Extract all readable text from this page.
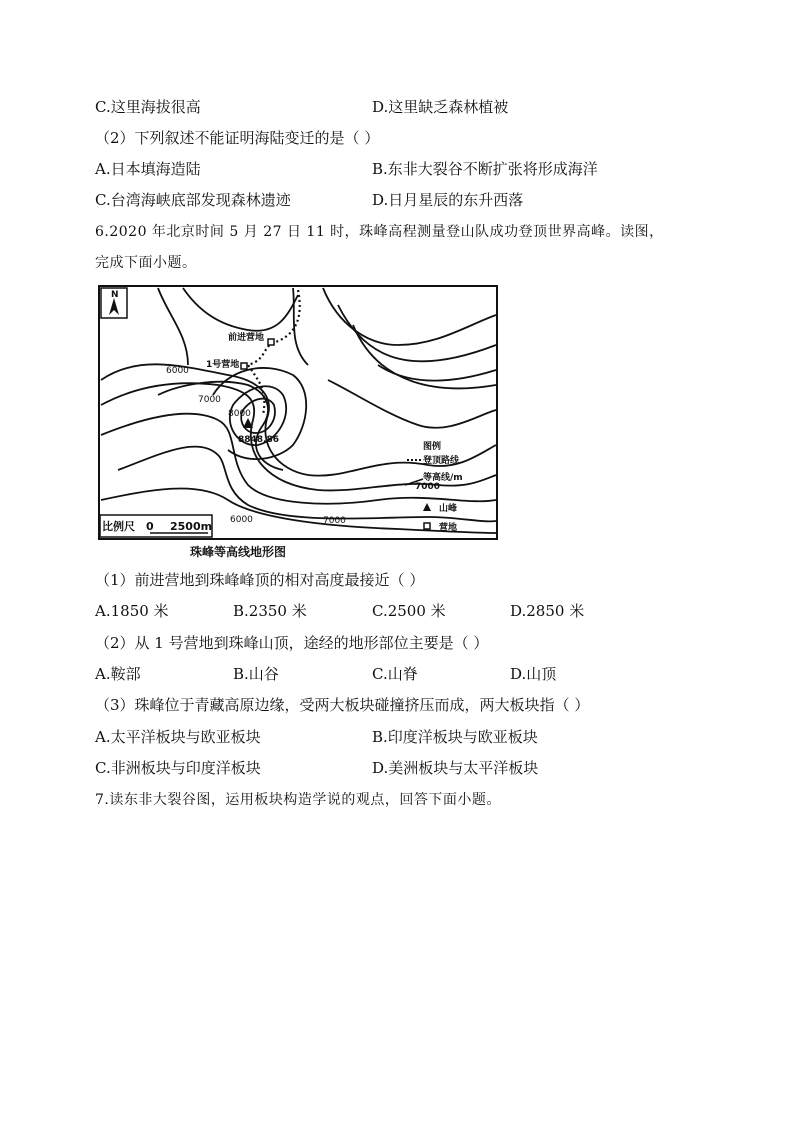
C.这里海拔很高	D.这里缺乏森林植被
（2）下列叙述不能证明海陆变迁的是（ ）
A.日本填海造陆	B.东非大裂谷不断扩张将形成海洋
C.台湾海峡底部发现森林遗迹	D.日月星辰的东升西落
6.2020 年北京时间 5 月 27 日 11 时，珠峰高程测量登山队成功登顶世界高峰。读图，
完成下面小题。
N
前进营地
1号营地
6000
7000
8000
8848.86
6000	7000
比例尺 0 2500m
图例
登顶路线
等高线/m
7000
山峰
营地
珠峰等高线地形图
（1）前进营地到珠峰峰顶的相对高度最接近（ ）
A.1850 米	B.2350 米	C.2500 米	D.2850 米
（2）从 1 号营地到珠峰山顶，途经的地形部位主要是（ ）
A.鞍部	B.山谷	C.山脊	D.山顶
（3）珠峰位于青藏高原边缘，受两大板块碰撞挤压而成，两大板块指（ ）
A.太平洋板块与欧亚板块	B.印度洋板块与欧亚板块
C.非洲板块与印度洋板块	D.美洲板块与太平洋板块
7.读东非大裂谷图，运用板块构造学说的观点，回答下面小题。
